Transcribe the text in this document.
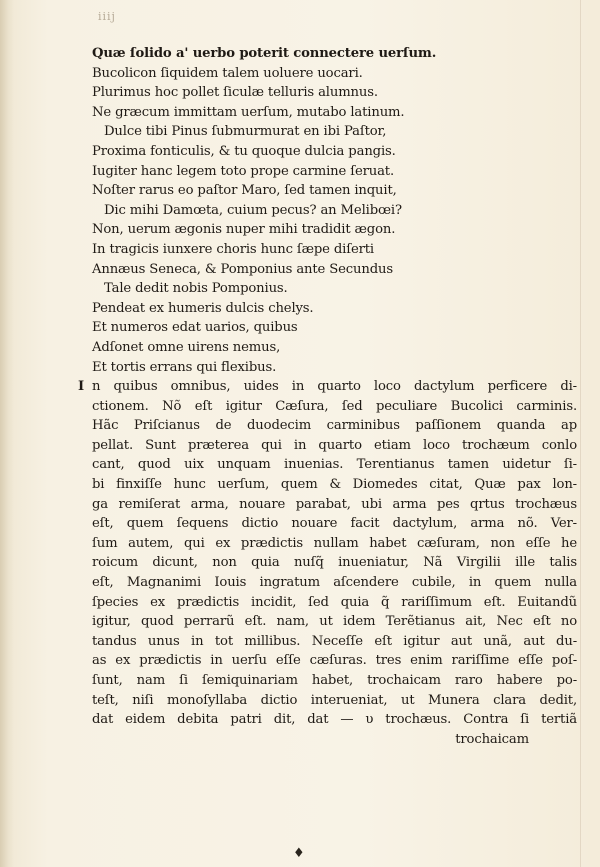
iiij
Quæ ſolido a' uerbo poterit connectere uerſum.
Bucolicon ſiquidem talem uoluere uocari.
Plurimus hoc pollet ſiculæ telluris alumnus.
Ne græcum immittam uerſum, mutabo latinum.
Dulce tibi Pinus ſubmurmurat en ibi Paſtor,
Proxima fonticulis, & tu quoque dulcia pangis.
Iugiter hanc legem toto prope carmine ſeruat.
Noſter rarus eo paſtor Maro, ſed tamen inquit,
Dic mihi Damœta, cuium pecus? an Melibœi?
Non, uerum ægonis nuper mihi tradidit ægon.
In tragicis iunxere choris hunc ſæpe diſerti
Annæus Seneca, & Pomponius ante Secundus
Tale dedit nobis Pomponius.
Pendeat ex humeris dulcis chelys.
Et numeros edat uarios, quibus
Adſonet omne uirens nemus,
Et tortis errans qui flexibus.
I n quibus omnibus, uides in quarto loco dactylum perficere di-
ctionem. Nõ eſt igitur Cæſura, ſed peculiare Bucolici carminis.
Hãc Priſcianus de duodecim carminibus paſſionem quanda ap
pellat. Sunt præterea qui in quarto etiam loco trochæum conlo
cant, quod uix unquam inuenias. Terentianus tamen uidetur ſi-
bi finxiſſe hunc uerſum, quem & Diomedes citat, Quæ pax lon-
ga remiſerat arma, nouare parabat, ubi arma pes qrtus trochæus
eſt, quem ſequens dictio nouare facit dactylum, arma nõ. Ver-
ſum autem, qui ex prædictis nullam habet cæſuram, non eſſe he
roicum dicunt, non quia nuſq̃ inueniatur, Nã Virgilii ille talis
eſt, Magnanimi Iouis ingratum aſcendere cubile, in quem nulla
ſpecies ex prædictis incidit, ſed quia q̃ rariſſimum eſt. Euitandũ
igitur, quod perrarũ eſt. nam, ut idem Terẽtianus ait, Nec eſt no
tandus unus in tot millibus. Neceſſe eſt igitur aut unã, aut du-
as ex prædictis in uerſu eſſe cæſuras. tres enim rariſſime eſſe poſ-
ſunt, nam ſi ſemiquinariam habet, trochaicam raro habere po-
teſt, niſi monoſyllaba dictio interueniat, ut Munera clara dedit,
dat eidem debita patri dit, dat — υ trochæus. Contra ſi tertiã
trochaicam
♦
